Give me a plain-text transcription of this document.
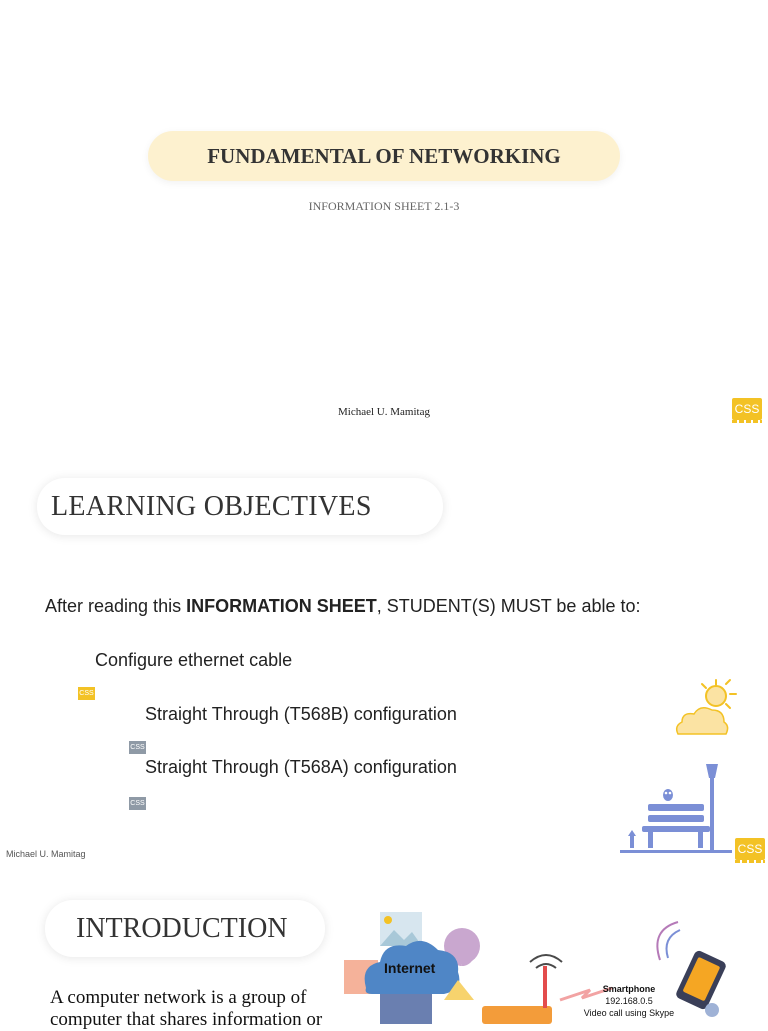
FUNDAMENTAL OF NETWORKING
INFORMATION SHEET 2.1-3
Michael U. Mamitag	CSS
LEARNING OBJECTIVES
After reading this INFORMATION SHEET, STUDENT(S) MUST be able to:
Configure ethernet cable
CSS
Straight Through (T568B) configuration
CSS
Straight Through (T568A) configuration
CSS
Michael U. Mamitag	CSS
INTRODUCTION
A computer network is a group of computer that shares information or
Smartphone
192.168.0.5
Video call using Skype
Internet
